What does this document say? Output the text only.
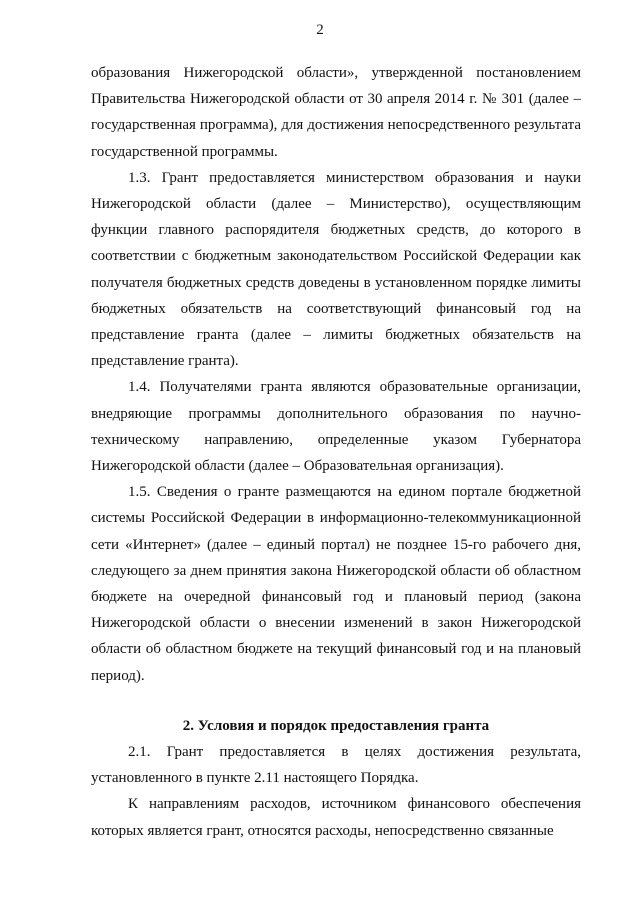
2

образования Нижегородской области», утвержденной постановлением Правительства Нижегородской области от 30 апреля 2014 г. № 301 (далее – государственная программа), для достижения непосредственного результата государственной программы.

1.3. Грант предоставляется министерством образования и науки Нижегородской области (далее – Министерство), осуществляющим функции главного распорядителя бюджетных средств, до которого в соответствии с бюджетным законодательством Российской Федерации как получателя бюджетных средств доведены в установленном порядке лимиты бюджетных обязательств на соответствующий финансовый год на представление гранта (далее – лимиты бюджетных обязательств на представление гранта).

1.4. Получателями гранта являются образовательные организации, внедряющие программы дополнительного образования по научно-техническому направлению, определенные указом Губернатора Нижегородской области (далее – Образовательная организация).

1.5. Сведения о гранте размещаются на едином портале бюджетной системы Российской Федерации в информационно-телекоммуникационной сети «Интернет» (далее – единый портал) не позднее 15-го рабочего дня, следующего за днем принятия закона Нижегородской области об областном бюджете на очередной финансовый год и плановый период (закона Нижегородской области о внесении изменений в закон Нижегородской области об областном бюджете на текущий финансовый год и на плановый период).

2. Условия и порядок предоставления гранта

2.1. Грант предоставляется в целях достижения результата, установленного в пункте 2.11 настоящего Порядка.

К направлениям расходов, источником финансового обеспечения которых является грант, относятся расходы, непосредственно связанные
